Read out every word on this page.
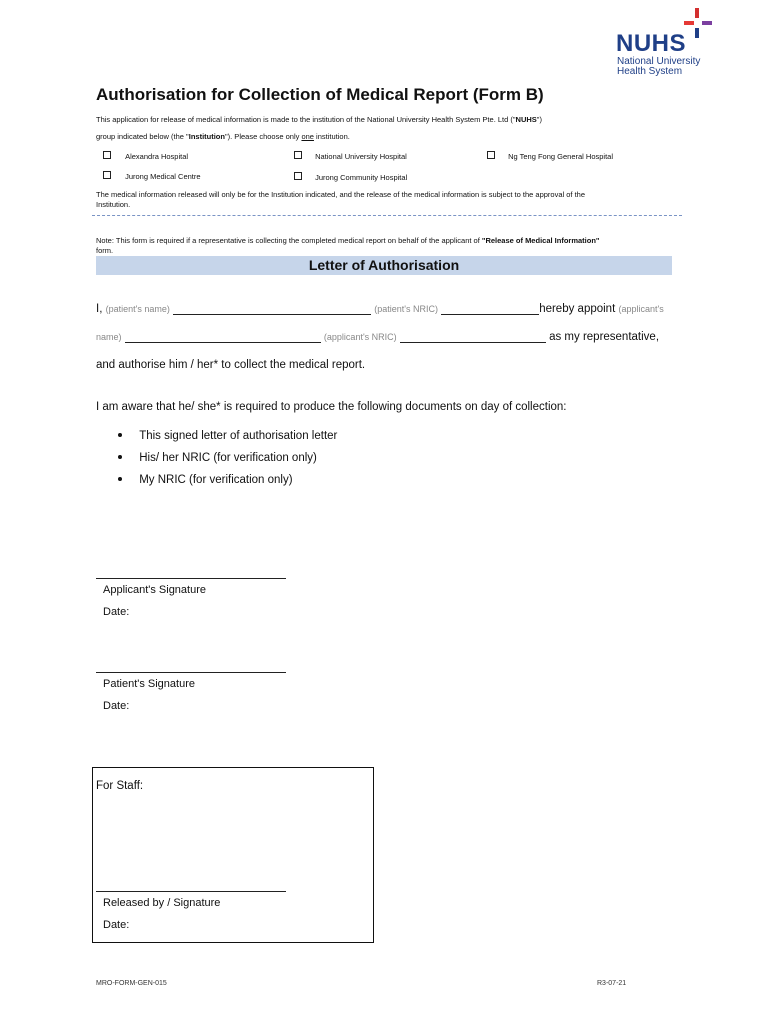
NUHS
National University
Health System
Authorisation for Collection of Medical Report (Form B)
This application for release of medical information is made to the institution of the National University Health System Pte. Ltd ("NUHS")
group indicated below (the "Institution"). Please choose only one institution.
Alexandra Hospital	National University Hospital	Ng Teng Fong General Hospital
Jurong Medical Centre	Jurong Community Hospital
The medical information released will only be for the Institution indicated, and the release of the medical information is subject to the approval of the
Institution.
Note: This form is required if a representative is collecting the completed medical report on behalf of the applicant of "Release of Medical Information"
form.
Letter of Authorisation
I, (patient's name)	(patient's NRIC)	hereby appoint (applicant's
name)	(applicant's NRIC)	as my representative,
and authorise him / her* to collect the medical report.
I am aware that he/ she* is required to produce the following documents on day of collection:
This signed letter of authorisation letter
His/ her NRIC (for verification only)
My NRIC (for verification only)
Applicant's Signature
Date:
Patient's Signature
Date:
For Staff:
Released by / Signature
Date:
MRO-FORM-GEN-015	R3-07-21
